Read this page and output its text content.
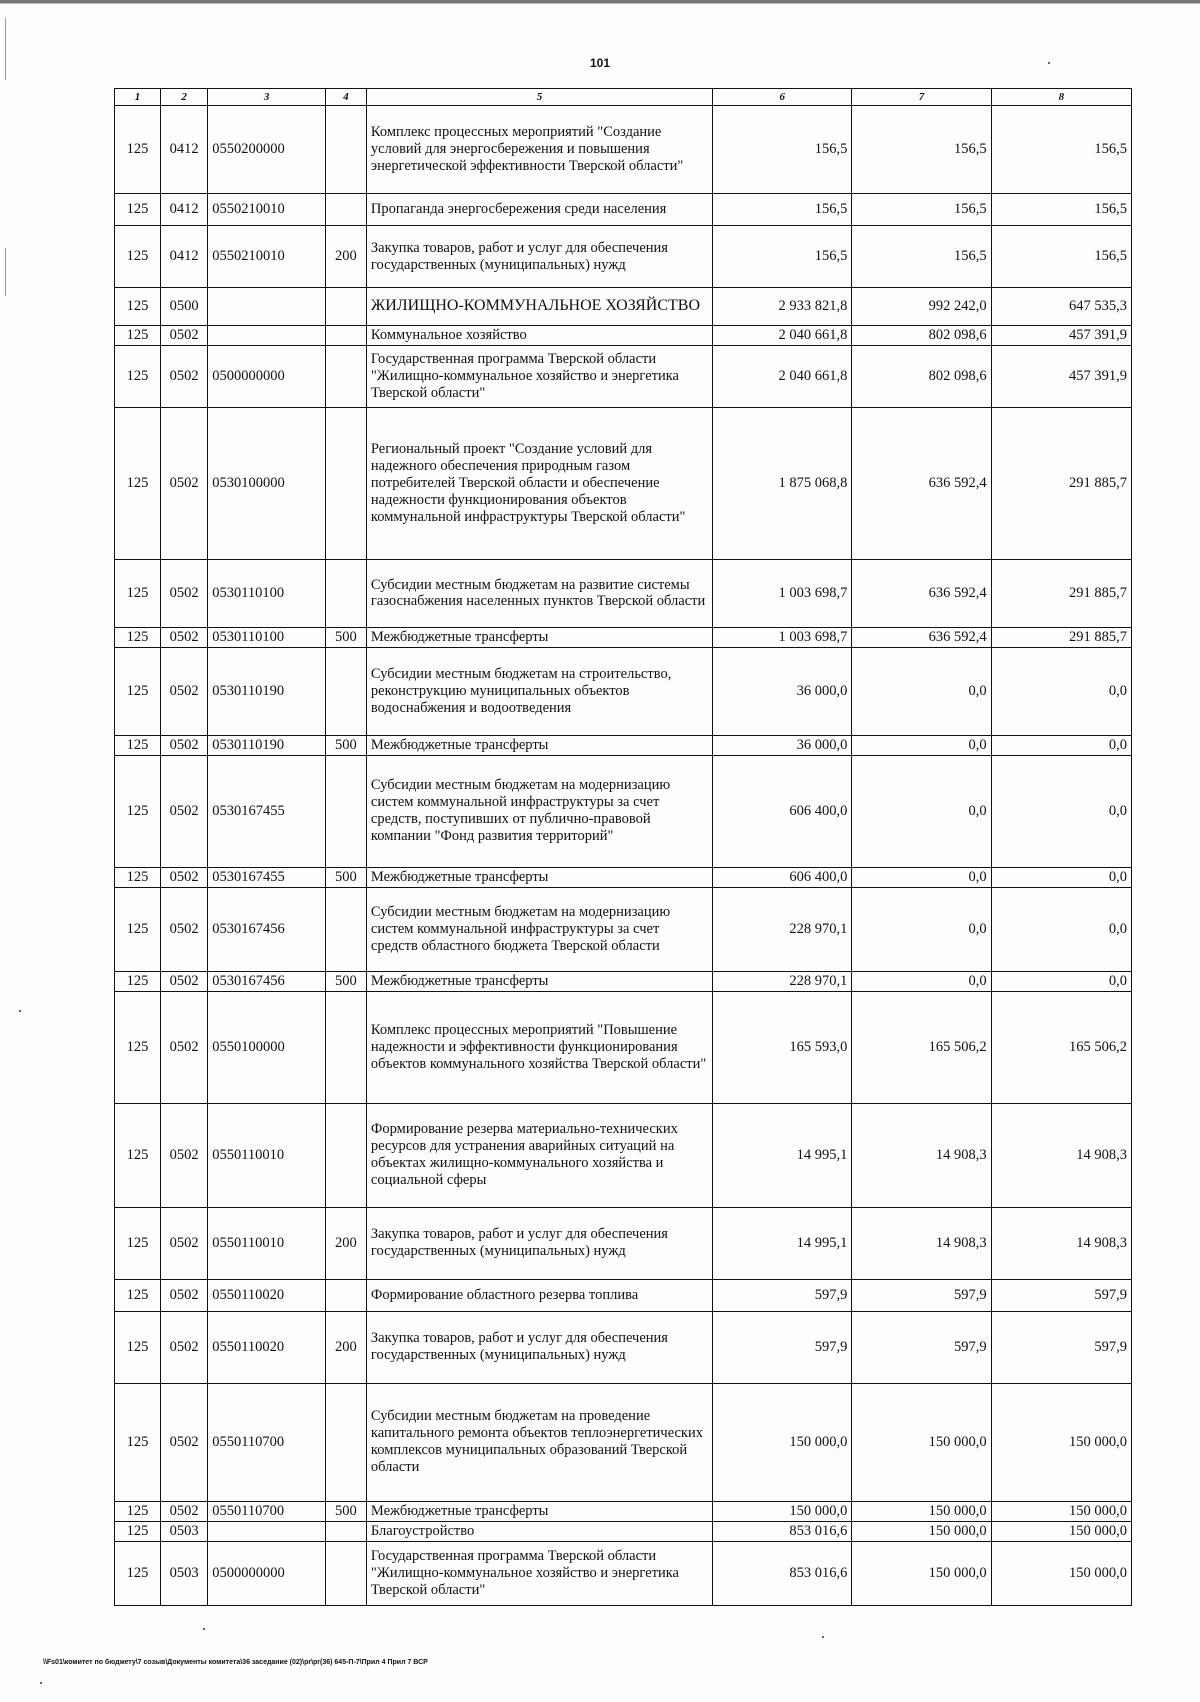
101
1	2	3	4	5	6	7	8
125	0412	0550200000		Комплекс процессных мероприятий "Создание условий для энергосбережения и повышения энергетической эффективности Тверской области"	156,5	156,5	156,5
125	0412	0550210010		Пропаганда энергосбережения среди населения	156,5	156,5	156,5
125	0412	0550210010	200	Закупка товаров, работ и услуг для обеспечения государственных (муниципальных) нужд	156,5	156,5	156,5
125	0500			ЖИЛИЩНО-КОММУНАЛЬНОЕ ХОЗЯЙСТВО	2 933 821,8	992 242,0	647 535,3
125	0502			Коммунальное хозяйство	2 040 661,8	802 098,6	457 391,9
125	0502	0500000000		Государственная программа Тверской области "Жилищно-коммунальное хозяйство и энергетика Тверской области"	2 040 661,8	802 098,6	457 391,9
125	0502	0530100000		Региональный проект "Создание условий для надежного обеспечения природным газом потребителей Тверской области и обеспечение надежности функционирования объектов коммунальной инфраструктуры Тверской области"	1 875 068,8	636 592,4	291 885,7
125	0502	0530110100		Субсидии местным бюджетам на развитие системы газоснабжения населенных пунктов Тверской области	1 003 698,7	636 592,4	291 885,7
125	0502	0530110100	500	Межбюджетные трансферты	1 003 698,7	636 592,4	291 885,7
125	0502	0530110190		Субсидии местным бюджетам на строительство, реконструкцию муниципальных объектов водоснабжения и водоотведения	36 000,0	0,0	0,0
125	0502	0530110190	500	Межбюджетные трансферты	36 000,0	0,0	0,0
125	0502	0530167455		Субсидии местным бюджетам на модернизацию систем коммунальной инфраструктуры за счет средств, поступивших от публично-правовой компании "Фонд развития территорий"	606 400,0	0,0	0,0
125	0502	0530167455	500	Межбюджетные трансферты	606 400,0	0,0	0,0
125	0502	0530167456		Субсидии местным бюджетам на модернизацию систем коммунальной инфраструктуры за счет средств областного бюджета Тверской области	228 970,1	0,0	0,0
125	0502	0530167456	500	Межбюджетные трансферты	228 970,1	0,0	0,0
125	0502	0550100000		Комплекс процессных мероприятий "Повышение надежности и эффективности функционирования объектов коммунального хозяйства Тверской области"	165 593,0	165 506,2	165 506,2
125	0502	0550110010		Формирование резерва материально-технических ресурсов для устранения аварийных ситуаций на объектах жилищно-коммунального хозяйства и социальной сферы	14 995,1	14 908,3	14 908,3
125	0502	0550110010	200	Закупка товаров, работ и услуг для обеспечения государственных (муниципальных) нужд	14 995,1	14 908,3	14 908,3
125	0502	0550110020		Формирование областного резерва топлива	597,9	597,9	597,9
125	0502	0550110020	200	Закупка товаров, работ и услуг для обеспечения государственных (муниципальных) нужд	597,9	597,9	597,9
125	0502	0550110700		Субсидии местным бюджетам на проведение капитального ремонта объектов теплоэнергетических комплексов муниципальных образований Тверской области	150 000,0	150 000,0	150 000,0
125	0502	0550110700	500	Межбюджетные трансферты	150 000,0	150 000,0	150 000,0
125	0503			Благоустройство	853 016,6	150 000,0	150 000,0
125	0503	0500000000		Государственная программа Тверской области "Жилищно-коммунальное хозяйство и энергетика Тверской области"	853 016,6	150 000,0	150 000,0
\\Fs01\комитет по бюджету\7 созыв\Документы комитета\36 заседание (02)\pr\pr(36) 645-П-7\Прил 4 Прил 7 ВСР
